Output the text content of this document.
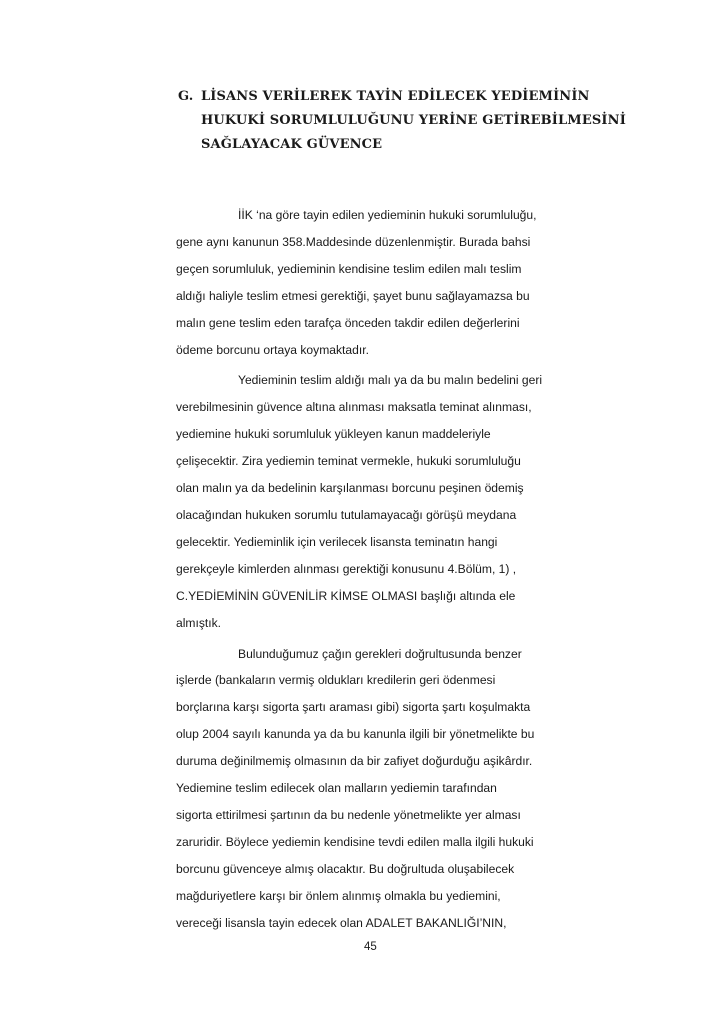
G. LİSANS VERİLEREK TAYİN EDİLECEK YEDİEMİNİN
HUKUKİ SORUMLULUĞUNU YERİNE GETİREBİLMESİNİ
SAĞLAYACAK GÜVENCE

İİK ‘na göre tayin edilen yedieminin hukuki sorumluluğu,
gene aynı kanunun 358.Maddesinde düzenlenmiştir. Burada bahsi
geçen sorumluluk, yedieminin kendisine teslim edilen malı teslim
aldığı haliyle teslim etmesi gerektiği, şayet bunu sağlayamazsa bu
malın gene teslim eden tarafça önceden takdir edilen değerlerini
ödeme borcunu ortaya koymaktadır.

Yedieminin teslim aldığı malı ya da bu malın bedelini geri
verebilmesinin güvence altına alınması maksatla teminat alınması,
yediemine hukuki sorumluluk yükleyen kanun maddeleriyle
çelişecektir. Zira yediemin teminat vermekle, hukuki sorumluluğu
olan malın ya da bedelinin karşılanması borcunu peşinen ödemiş
olacağından hukuken sorumlu tutulamayacağı görüşü meydana
gelecektir. Yedieminlik için verilecek lisansta teminatın hangi
gerekçeyle kimlerden alınması gerektiği konusunu 4.Bölüm, 1) ,
C.YEDİEMİNİN GÜVENİLİR KİMSE OLMASI başlığı altında ele
almıştık.

Bulunduğumuz çağın gerekleri doğrultusunda benzer
işlerde (bankaların vermiş oldukları kredilerin geri ödenmesi
borçlarına karşı sigorta şartı araması gibi) sigorta şartı koşulmakta
olup 2004 sayılı kanunda ya da bu kanunla ilgili bir yönetmelikte bu
duruma değinilmemiş olmasının da bir zafiyet doğurduğu aşikârdır.
Yediemine teslim edilecek olan malların yediemin tarafından
sigorta ettirilmesi şartının da bu nedenle yönetmelikte yer alması
zaruridir. Böylece yediemin kendisine tevdi edilen malla ilgili hukuki
borcunu güvenceye almış olacaktır. Bu doğrultuda oluşabilecek
mağduriyetlere karşı bir önlem alınmış olmakla bu yediemini,
vereceği lisansla tayin edecek olan ADALET BAKANLIĞI’NIN,

45
